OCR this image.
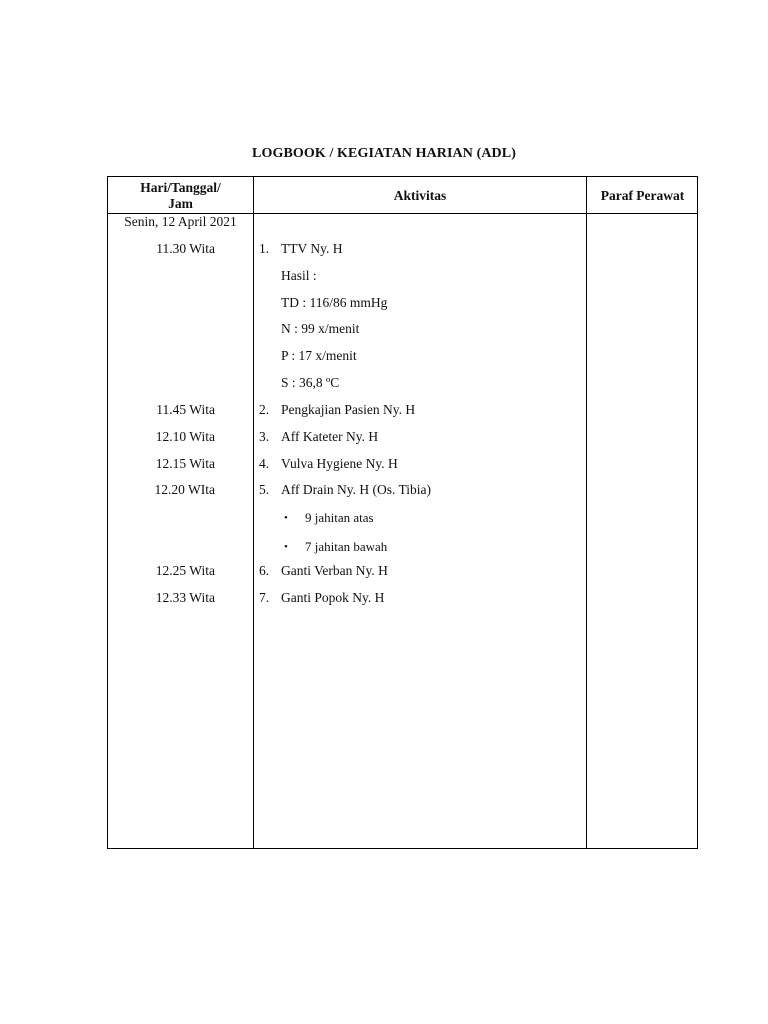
LOGBOOK / KEGIATAN HARIAN (ADL)
Hari/Tanggal/
Jam
Aktivitas	Paraf Perawat
Senin, 12 April 2021
11.30 Wita
11.45 Wita
12.10 Wita
12.15 Wita
12.20 WIta
12.25 Wita
12.33 Wita
1. TTV Ny. H
Hasil :
TD : 116/86 mmHg
N : 99 x/menit
P : 17 x/menit
S : 36,8 ºC
2. Pengkajian Pasien Ny. H
3. Aff Kateter Ny. H
4. Vulva Hygiene Ny. H
5. Aff Drain Ny. H (Os. Tibia)
• 9 jahitan atas
• 7 jahitan bawah
6. Ganti Verban Ny. H
7. Ganti Popok Ny. H
